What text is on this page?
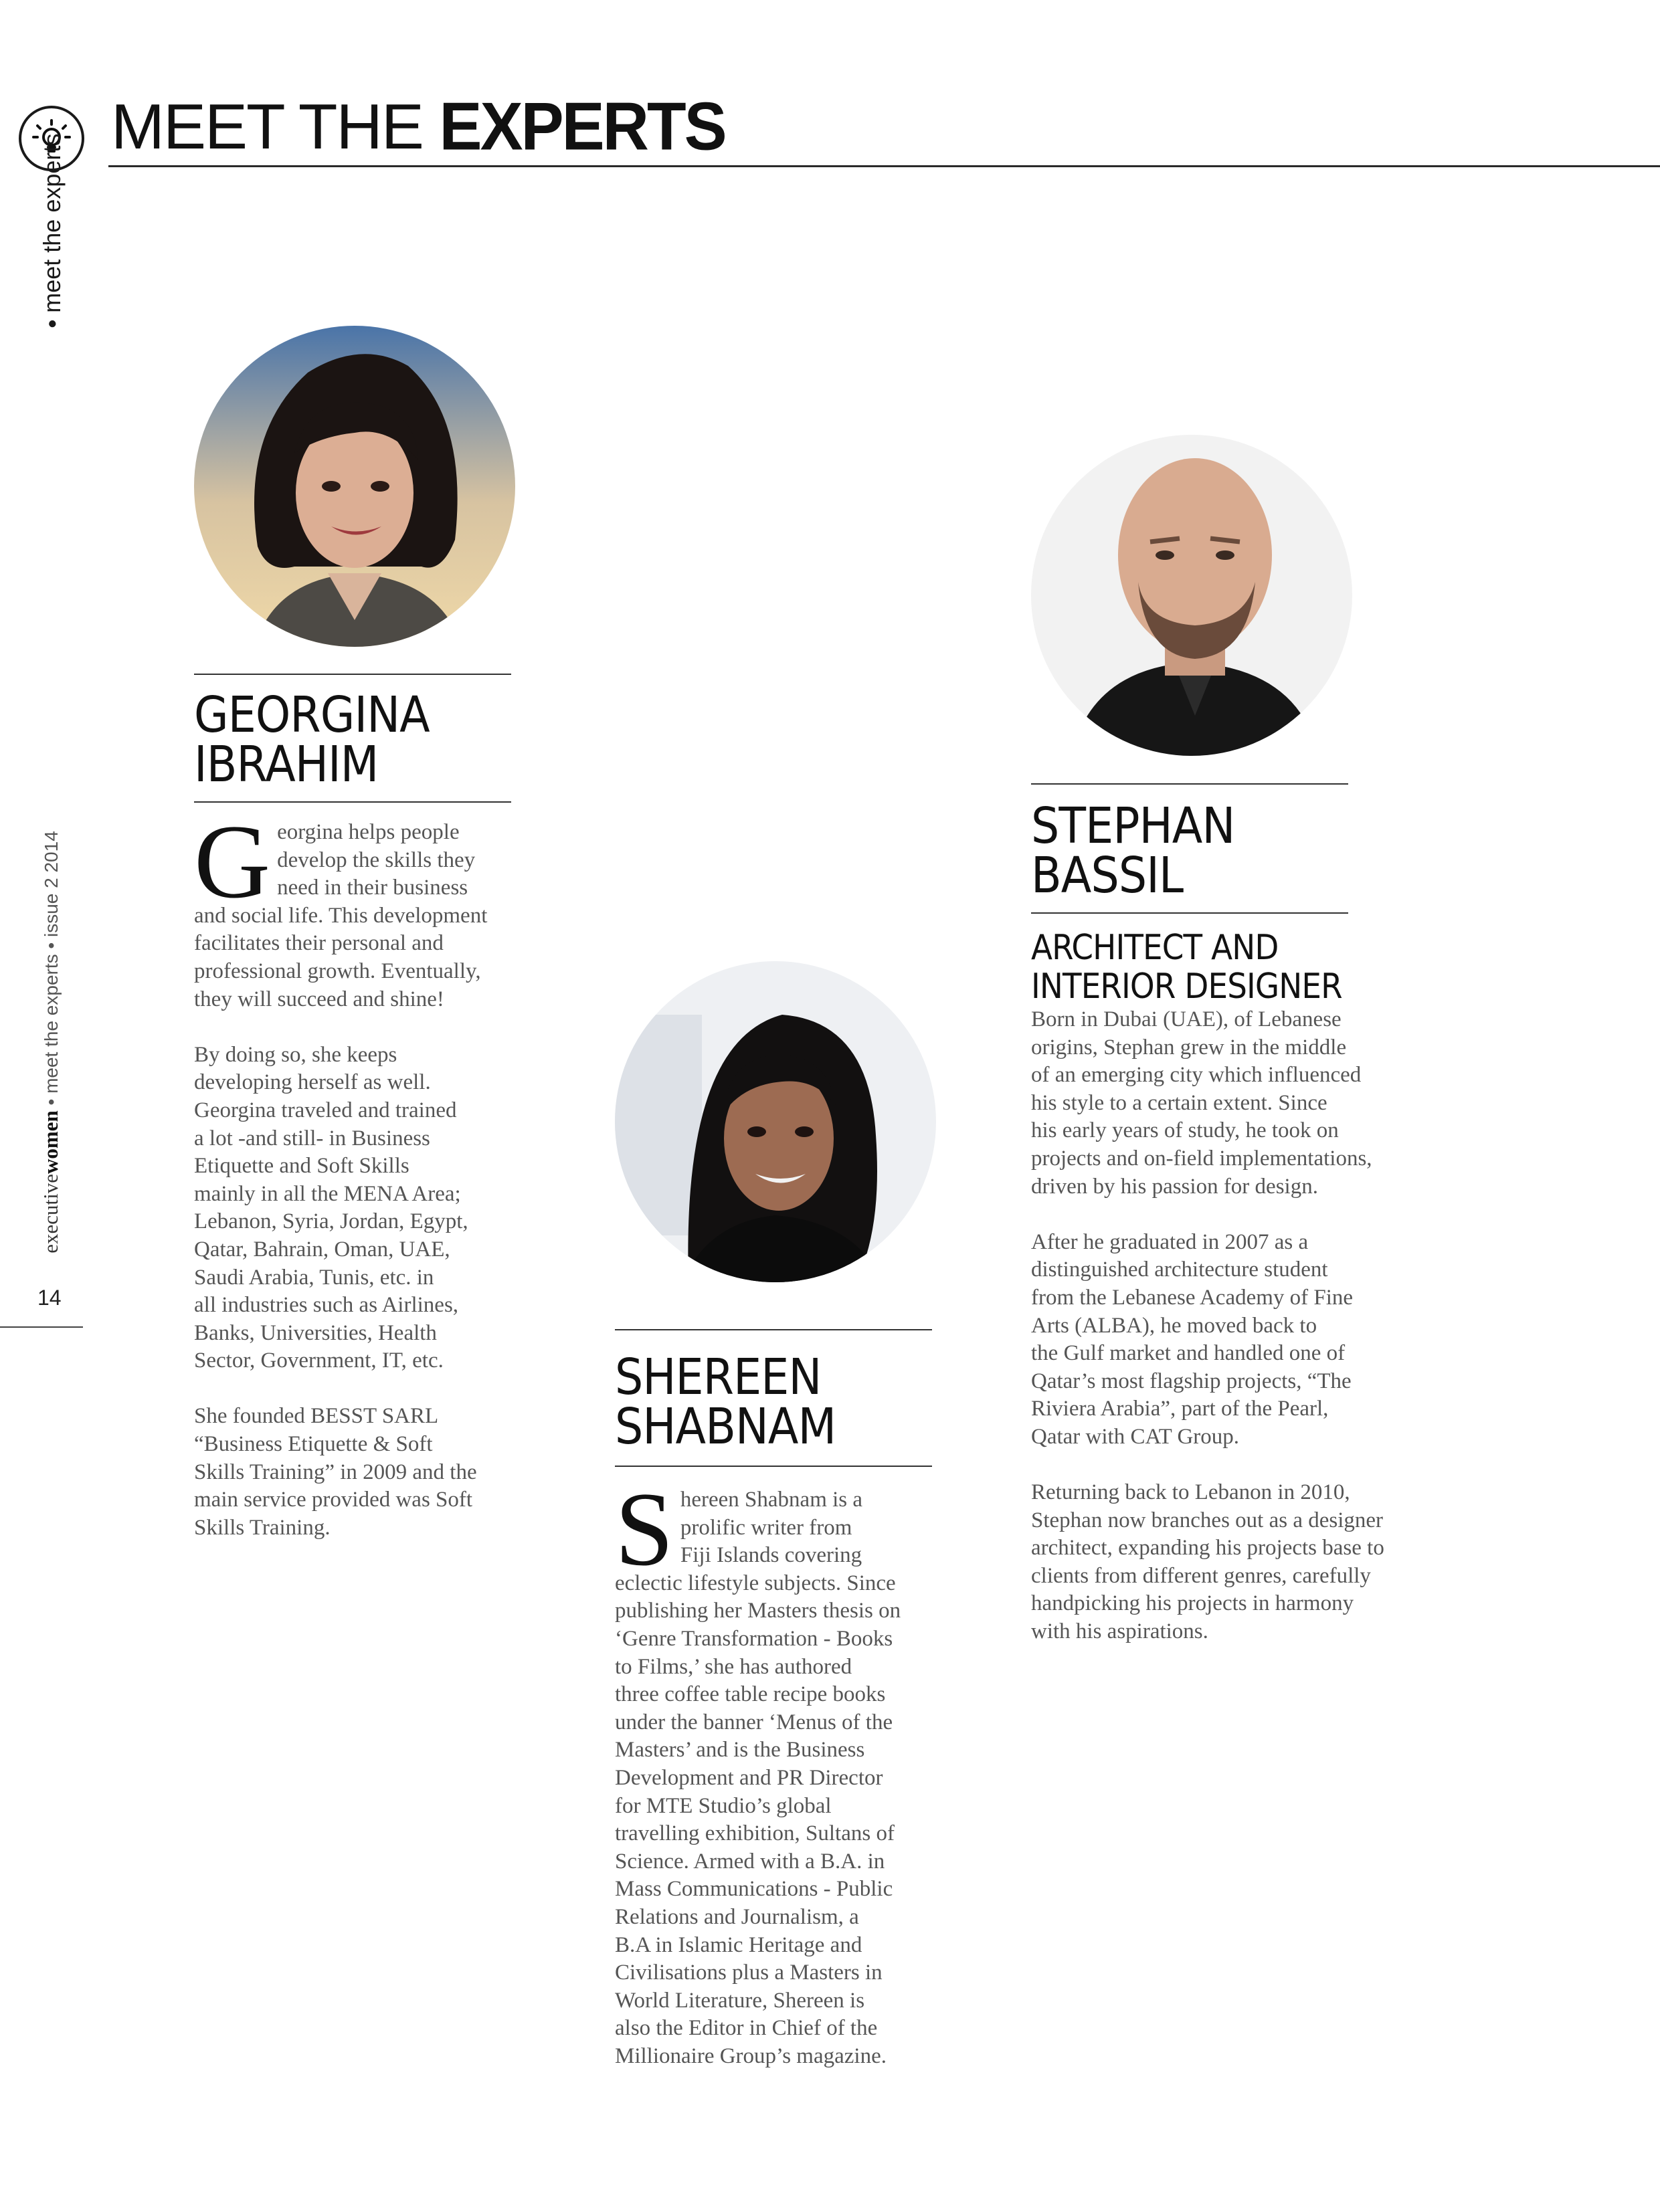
• meet the experts
MEET THE EXPERTS
executivewomen • meet the experts • issue 2 2014
14
GEORGINA
IBRAHIM

G eorgina helps people
develop the skills they
need in their business
and social life. This development
facilitates their personal and
professional growth. Eventually,
they will succeed and shine!

By doing so, she keeps
developing herself as well.
Georgina traveled and trained
a lot -and still- in Business
Etiquette and Soft Skills
mainly in all the MENA Area;
Lebanon, Syria, Jordan, Egypt,
Qatar, Bahrain, Oman, UAE,
Saudi Arabia, Tunis, etc. in
all industries such as Airlines,
Banks, Universities, Health
Sector, Government, IT, etc.

She founded BESST SARL
“Business Etiquette & Soft
Skills Training” in 2009 and the
main service provided was Soft
Skills Training.

SHEREEN
SHABNAM

S hereen Shabnam is a
prolific writer from
Fiji Islands covering
eclectic lifestyle subjects. Since
publishing her Masters thesis on
‘Genre Transformation - Books
to Films,’ she has authored
three coffee table recipe books
under the banner ‘Menus of the
Masters’ and is the Business
Development and PR Director
for MTE Studio’s global
travelling exhibition, Sultans of
Science. Armed with a B.A. in
Mass Communications - Public
Relations and Journalism, a
B.A in Islamic Heritage and
Civilisations plus a Masters in
World Literature, Shereen is
also the Editor in Chief of the
Millionaire Group’s magazine.

STEPHAN
BASSIL
ARCHITECT AND
INTERIOR DESIGNER

Born in Dubai (UAE), of Lebanese
origins, Stephan grew in the middle
of an emerging city which influenced
his style to a certain extent. Since
his early years of study, he took on
projects and on-field implementations,
driven by his passion for design.

After he graduated in 2007 as a
distinguished architecture student
from the Lebanese Academy of Fine
Arts (ALBA), he moved back to
the Gulf market and handled one of
Qatar’s most flagship projects, “The
Riviera Arabia”, part of the Pearl,
Qatar with CAT Group.

Returning back to Lebanon in 2010,
Stephan now branches out as a designer
architect, expanding his projects base to
clients from different genres, carefully
handpicking his projects in harmony
with his aspirations.
